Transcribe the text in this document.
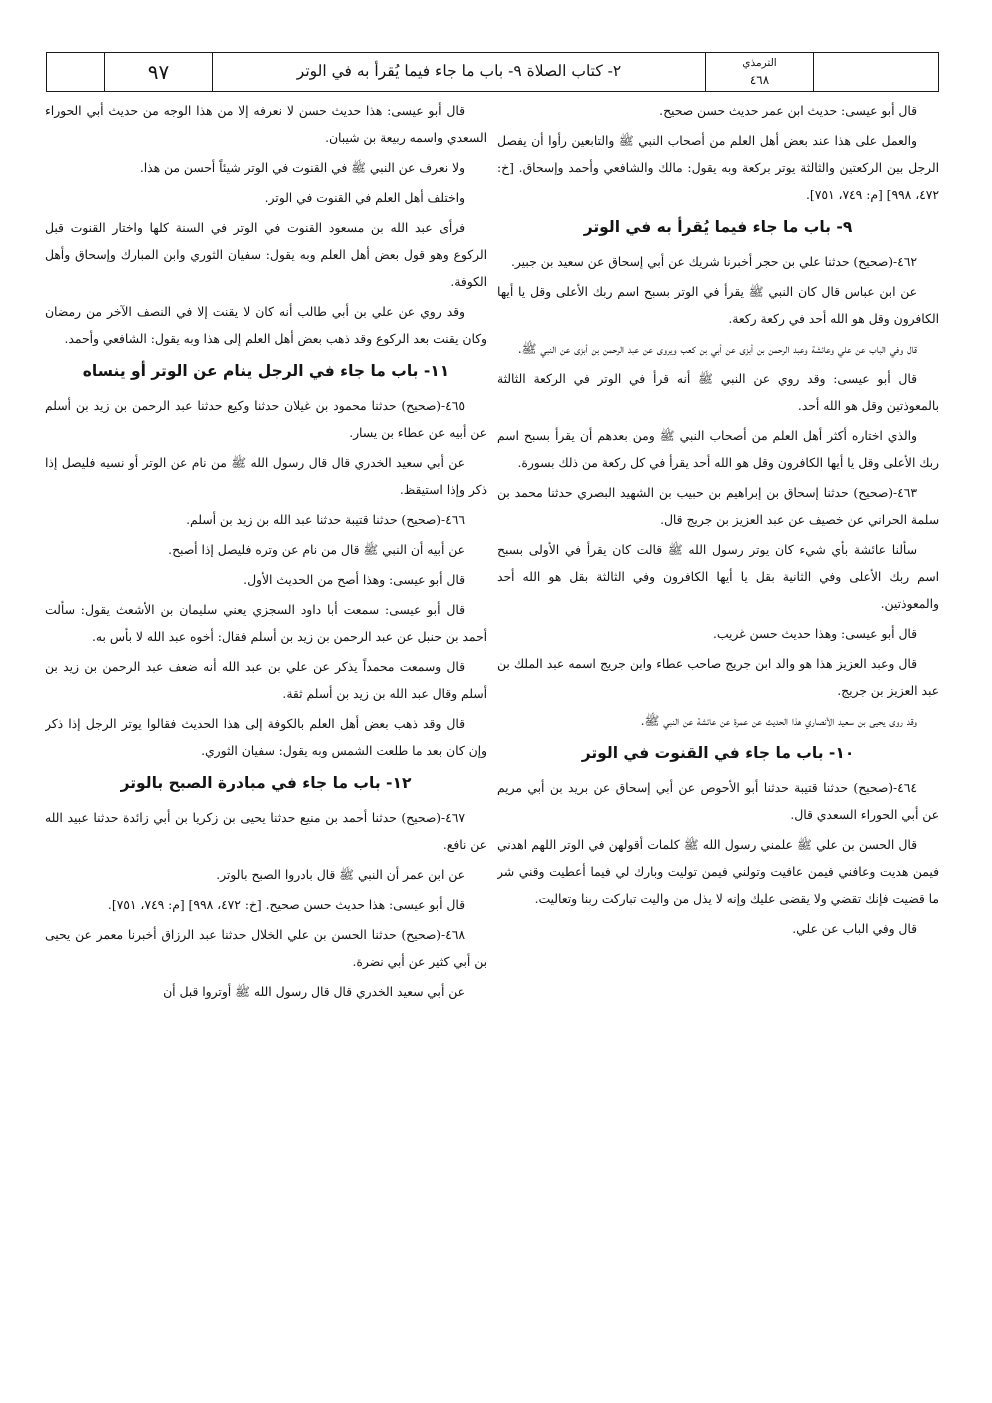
٩٧	٢- كتاب الصلاة ٩- باب ما جاء فيما يُقرأ به في الوتر	الترمذي
٤٦٨

قال أبو عيسى: حديث ابن عمر حديث حسن صحيح.

والعمل على هذا عند بعض أهل العلم من أصحاب النبي ﷺ والتابعين رأوا أن يفصل الرجل بين الركعتين والثالثة يوتر بركعة وبه يقول: مالك والشافعي وأحمد وإسحاق. [خ: ٤٧٢، ٩٩٨] [م: ٧٤٩، ٧٥١].

٩- باب ما جاء فيما يُقرأ به في الوتر

٤٦٢-(صحيح) حدثنا علي بن حجر أخبرنا شريك عن أبي إسحاق عن سعيد بن جبير.

عن ابن عباس قال كان النبي ﷺ يقرأ في الوتر بسبح اسم ربك الأعلى وقل يا أيها الكافرون وقل هو الله أحد في ركعة ركعة.

قال وفي الباب عن علي وعائشة وعبد الرحمن بن أبزى عن أبي بن كعب ويروى عن عبد الرحمن بن أبزى عن النبي ﷺ.

قال أبو عيسى: وقد روي عن النبي ﷺ أنه قرأ في الوتر في الركعة الثالثة بالمعوذتين وقل هو الله أحد.

والذي اختاره أكثر أهل العلم من أصحاب النبي ﷺ ومن بعدهم أن يقرأ بسبح اسم ربك الأعلى وقل يا أيها الكافرون وقل هو الله أحد يقرأ في كل ركعة من ذلك بسورة.

٤٦٣-(صحيح) حدثنا إسحاق بن إبراهيم بن حبيب بن الشهيد البصري حدثنا محمد بن سلمة الحراني عن خصيف عن عبد العزيز بن جريج قال.

سألنا عائشة بأي شيء كان يوتر رسول الله ﷺ قالت كان يقرأ في الأولى بسبح اسم ربك الأعلى وفي الثانية بقل يا أيها الكافرون وفي الثالثة بقل هو الله أحد والمعوذتين.

قال أبو عيسى: وهذا حديث حسن غريب.

قال وعبد العزيز هذا هو والد ابن جريج صاحب عطاء وابن جريج اسمه عبد الملك بن عبد العزيز بن جريج.

وقد روى يحيى بن سعيد الأنصاري هذا الحديث عن عمرة عن عائشة عن النبي ﷺ.

١٠- باب ما جاء في القنوت في الوتر

٤٦٤-(صحيح) حدثنا قتيبة حدثنا أبو الأحوص عن أبي إسحاق عن بريد بن أبي مريم عن أبي الحوراء السعدي قال.

قال الحسن بن علي ﷺ علمني رسول الله ﷺ كلمات أقولهن في الوتر اللهم اهدني فيمن هديت وعافني فيمن عافيت وتولني فيمن توليت وبارك لي فيما أعطيت وقني شر ما قضيت فإنك تقضي ولا يقضى عليك وإنه لا يذل من واليت تباركت ربنا وتعاليت.

قال وفي الباب عن علي.

قال أبو عيسى: هذا حديث حسن لا نعرفه إلا من هذا الوجه من حديث أبي الحوراء السعدي واسمه ربيعة بن شيبان.

ولا نعرف عن النبي ﷺ في القنوت في الوتر شيئاً أحسن من هذا.

واختلف أهل العلم في القنوت في الوتر.

فرأى عبد الله بن مسعود القنوت في الوتر في السنة كلها واختار القنوت قبل الركوع وهو قول بعض أهل العلم وبه يقول: سفيان الثوري وابن المبارك وإسحاق وأهل الكوفة.

وقد روي عن علي بن أبي طالب أنه كان لا يقنت إلا في النصف الآخر من رمضان وكان يقنت بعد الركوع وقد ذهب بعض أهل العلم إلى هذا وبه يقول: الشافعي وأحمد.

١١- باب ما جاء في الرجل ينام عن الوتر أو ينساه

٤٦٥-(صحيح) حدثنا محمود بن غيلان حدثنا وكيع حدثنا عبد الرحمن بن زيد بن أسلم عن أبيه عن عطاء بن يسار.

عن أبي سعيد الخدري قال قال رسول الله ﷺ من نام عن الوتر أو نسيه فليصل إذا ذكر وإذا استيقظ.

٤٦٦-(صحيح) حدثنا قتيبة حدثنا عبد الله بن زيد بن أسلم.

عن أبيه أن النبي ﷺ قال من نام عن وتره فليصل إذا أصبح.

قال أبو عيسى: وهذا أصح من الحديث الأول.

قال أبو عيسى: سمعت أبا داود السجزي يعني سليمان بن الأشعث يقول: سألت أحمد بن حنبل عن عبد الرحمن بن زيد بن أسلم فقال: أخوه عبد الله لا بأس به.

قال وسمعت محمداً يذكر عن علي بن عبد الله أنه ضعف عبد الرحمن بن زيد بن أسلم وقال عبد الله بن زيد بن أسلم ثقة.

قال وقد ذهب بعض أهل العلم بالكوفة إلى هذا الحديث فقالوا يوتر الرجل إذا ذكر وإن كان بعد ما طلعت الشمس وبه يقول: سفيان الثوري.

١٢- باب ما جاء في مبادرة الصبح بالوتر

٤٦٧-(صحيح) حدثنا أحمد بن منيع حدثنا يحيى بن زكريا بن أبي زائدة حدثنا عبيد الله عن نافع.

عن ابن عمر أن النبي ﷺ قال بادروا الصبح بالوتر.

قال أبو عيسى: هذا حديث حسن صحيح. [خ: ٤٧٢، ٩٩٨] [م: ٧٤٩، ٧٥١].

٤٦٨-(صحيح) حدثنا الحسن بن علي الخلال حدثنا عبد الرزاق أخبرنا معمر عن يحيى بن أبي كثير عن أبي نضرة.

عن أبي سعيد الخدري قال قال رسول الله ﷺ أوتروا قبل أن
